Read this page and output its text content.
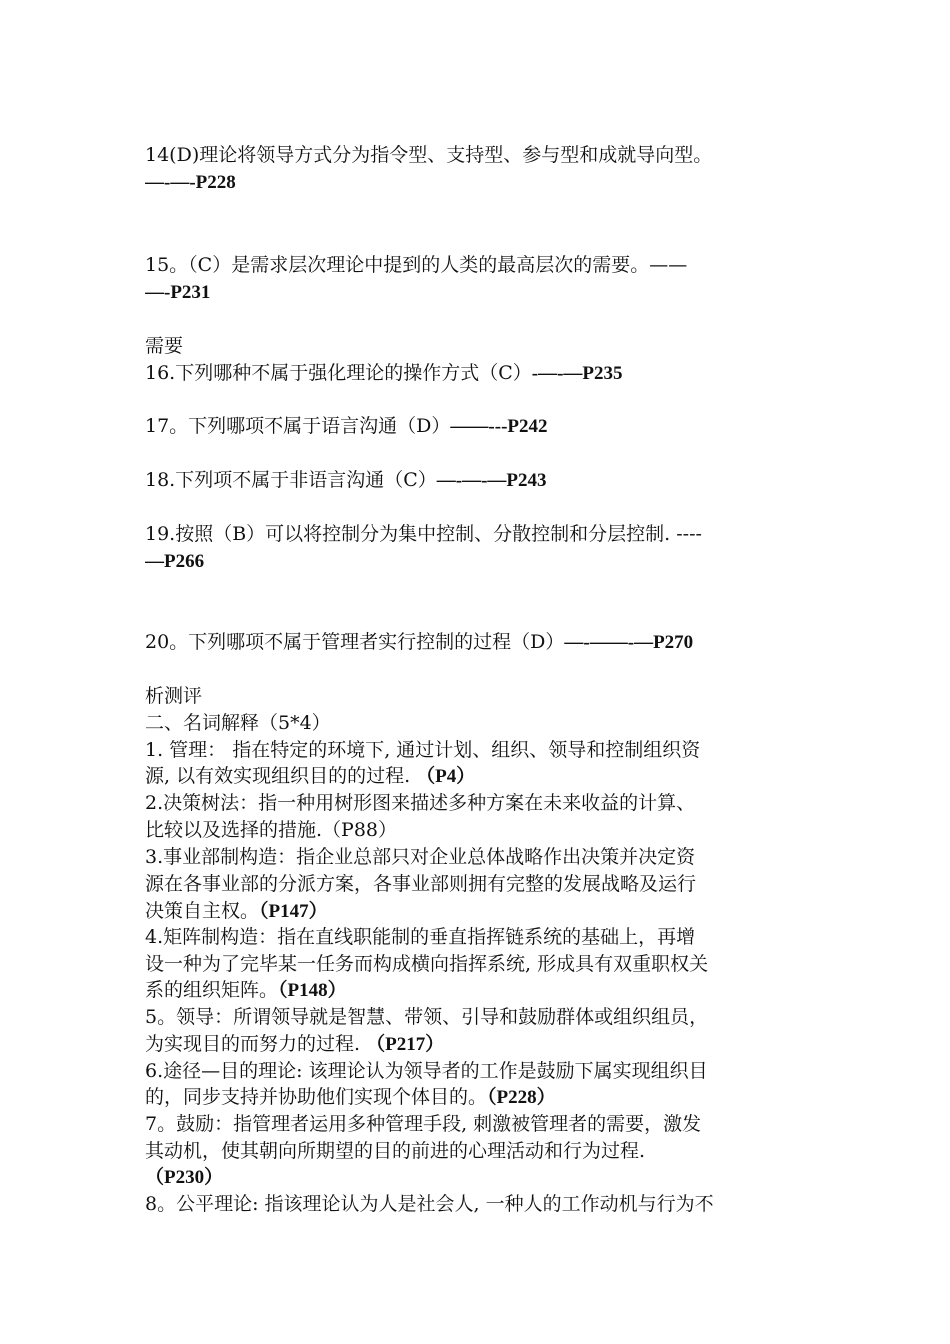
14(D)理论将领导方式分为指令型、支持型、参与型和成就导向型。
—-—-P228
15。（C）是需求层次理论中提到的人类的最高层次的需要。——
—-P231
需要
16.下列哪种不属于强化理论的操作方式（C）-—-—P235
17。下列哪项不属于语言沟通（D）——---P242
18.下列项不属于非语言沟通（C）—-—-—P243
19.按照（B）可以将控制分为集中控制、分散控制和分层控制. ----
—P266
20。下列哪项不属于管理者实行控制的过程（D）—-——-—P270
析测评
二、名词解释（5*4）
1. 管理： 指在特定的环境下, 通过计划、组织、领导和控制组织资
源, 以有效实现组织目的的过程. （P4）
2.决策树法：指一种用树形图来描述多种方案在未来收益的计算、
比较以及选择的措施.（P88）
3.事业部制构造：指企业总部只对企业总体战略作出决策并决定资
源在各事业部的分派方案，各事业部则拥有完整的发展战略及运行
决策自主权。（P147）
4.矩阵制构造：指在直线职能制的垂直指挥链系统的基础上，再增
设一种为了完毕某一任务而构成横向指挥系统, 形成具有双重职权关
系的组织矩阵。（P148）
5。领导：所谓领导就是智慧、带领、引导和鼓励群体或组织组员，
为实现目的而努力的过程. （P217）
6.途径—目的理论: 该理论认为领导者的工作是鼓励下属实现组织目
的，同步支持并协助他们实现个体目的。（P228）
7。鼓励：指管理者运用多种管理手段, 刺激被管理者的需要，激发
其动机，使其朝向所期望的目的前进的心理活动和行为过程.
（P230）
8。公平理论: 指该理论认为人是社会人, 一种人的工作动机与行为不
